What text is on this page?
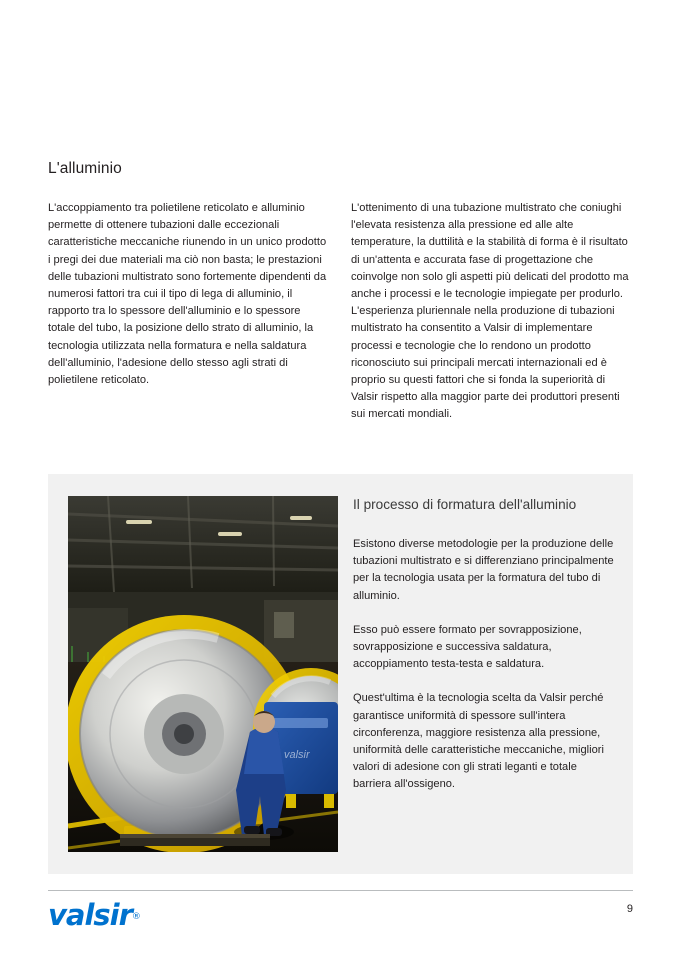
L'alluminio

L'accoppiamento tra polietilene reticolato e alluminio permette di ottenere tubazioni dalle eccezionali caratteristiche meccaniche riunendo in un unico prodotto i pregi dei due materiali ma ciò non basta; le prestazioni delle tubazioni multistrato sono fortemente dipendenti da numerosi fattori tra cui il tipo di lega di alluminio, il rapporto tra lo spessore dell'alluminio e lo spessore totale del tubo, la posizione dello strato di alluminio, la tecnologia utilizzata nella formatura e nella saldatura dell'alluminio, l'adesione dello stesso agli strati di polietilene reticolato.

L'ottenimento di una tubazione multistrato che coniughi l'elevata resistenza alla pressione ed alle alte temperature, la duttilità e la stabilità di forma è il risultato di un'attenta e accurata fase di progettazione che coinvolge non solo gli aspetti più delicati del prodotto ma anche i processi e le tecnologie impiegate per produrlo.

L'esperienza pluriennale nella produzione di tubazioni multistrato ha consentito a Valsir di implementare processi e tecnologie che lo rendono un prodotto riconosciuto sui principali mercati internazionali ed è proprio su questi fattori che si fonda la superiorità di Valsir rispetto alla maggior parte dei produttori presenti sui mercati mondiali.

valsir
Il processo di formatura dell'alluminio

Esistono diverse metodologie per la produzione delle tubazioni multistrato e si differenziano principalmente per la tecnologia usata per la formatura del tubo di alluminio.

Esso può essere formato per sovrapposizione, sovrapposizione e successiva saldatura, accoppiamento testa-testa e saldatura.

Quest'ultima è la tecnologia scelta da Valsir perché garantisce uniformità di spessore sull'intera circonferenza, maggiore resistenza alla pressione, uniformità delle caratteristiche meccaniche, migliori valori di adesione con gli strati leganti e totale barriera all'ossigeno.

valsir®
9
